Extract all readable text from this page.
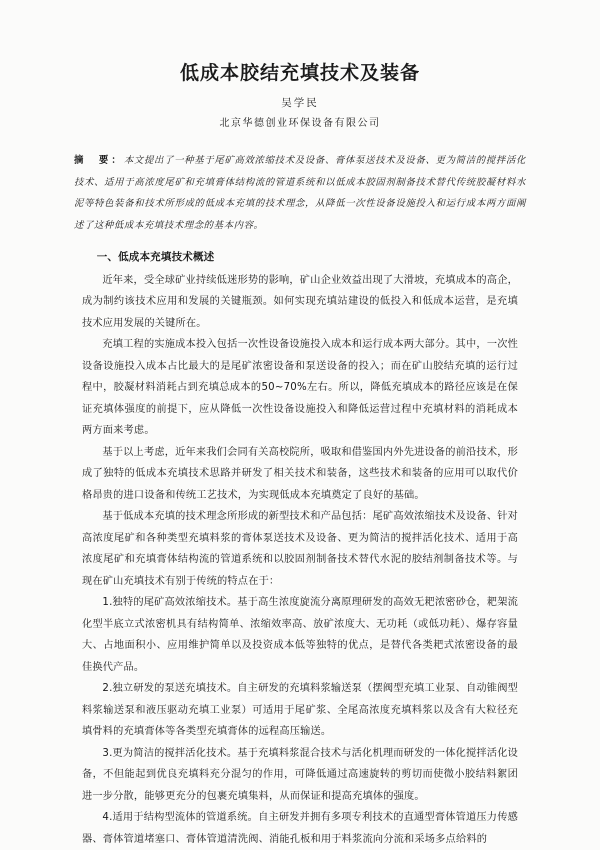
低成本胶结充填技术及装备
吴学民
北京华德创业环保设备有限公司
摘　要：本文提出了一种基于尾矿高效浓缩技术及设备、膏体泵送技术及设备、更为简洁的搅拌活化技术、适用于高浓度尾矿和充填膏体结构流的管道系统和以低成本胶固剂制备技术替代传统胶凝材料水泥等特色装备和技术所形成的低成本充填的技术理念，从降低一次性设备设施投入和运行成本两方面阐述了这种低成本充填技术理念的基本内容。
一、低成本充填技术概述

近年来，受全球矿业持续低迷形势的影响，矿山企业效益出现了大滑坡，充填成本的高企，成为制约该技术应用和发展的关键瓶颈。如何实现充填站建设的低投入和低成本运营，是充填技术应用发展的关键所在。

充填工程的实施成本投入包括一次性设备设施投入成本和运行成本两大部分。其中，一次性设备设施投入成本占比最大的是尾矿浓密设备和泵送设备的投入；而在矿山胶结充填的运行过程中，胶凝材料消耗占到充填总成本的50~70%左右。所以，降低充填成本的路径应该是在保证充填体强度的前提下，应从降低一次性设备设施投入和降低运营过程中充填材料的消耗成本两方面来考虑。

基于以上考虑，近年来我们会同有关高校院所，吸取和借鉴国内外先进设备的前沿技术，形成了独特的低成本充填技术思路并研发了相关技术和装备，这些技术和装备的应用可以取代价格昂贵的进口设备和传统工艺技术，为实现低成本充填奠定了良好的基础。

基于低成本充填的技术理念所形成的新型技术和产品包括：尾矿高效浓缩技术及设备、针对高浓度尾矿和各种类型充填料浆的膏体泵送技术及设备、更为简洁的搅拌活化技术、适用于高浓度尾矿和充填膏体结构流的管道系统和以胶固剂制备技术替代水泥的胶结剂制备技术等。与现在矿山充填技术有别于传统的特点在于：

1.独特的尾矿高效浓缩技术。基于高生浓度旋流分离原理研发的高效无耙浓密砂仓，耙架流化型半底立式浓密机具有结构简单、浓缩效率高、放矿浓度大、无功耗（或低功耗）、爆存容量大、占地面积小、应用维护简单以及投资成本低等独特的优点，是替代各类耙式浓密设备的最佳换代产品。

2.独立研发的泵送充填技术。自主研发的充填料浆输送泵（摆阀型充填工业泵、自动锥阀型料浆输送泵和液压驱动充填工业泵）可适用于尾矿浆、全尾高浓度充填料浆以及含有大粒径充填骨料的充填膏体等各类型充填膏体的远程高压输送。

3.更为简洁的搅拌活化技术。基于充填料浆混合技术与活化机理而研发的一体化搅拌活化设备，不但能起到优良充填料充分混匀的作用，可降低通过高速旋转的剪切而使微小胶结料絮团进一步分散，能够更充分的包裹充填集料，从而保证和提高充填体的强度。

4.适用于结构型流体的管道系统。自主研发并拥有多项专利技术的直通型膏体管道压力传感器、膏体管道堵塞口、膏体管道清洗阀、消能孔板和用于料浆流向分流和采场多点给料的
